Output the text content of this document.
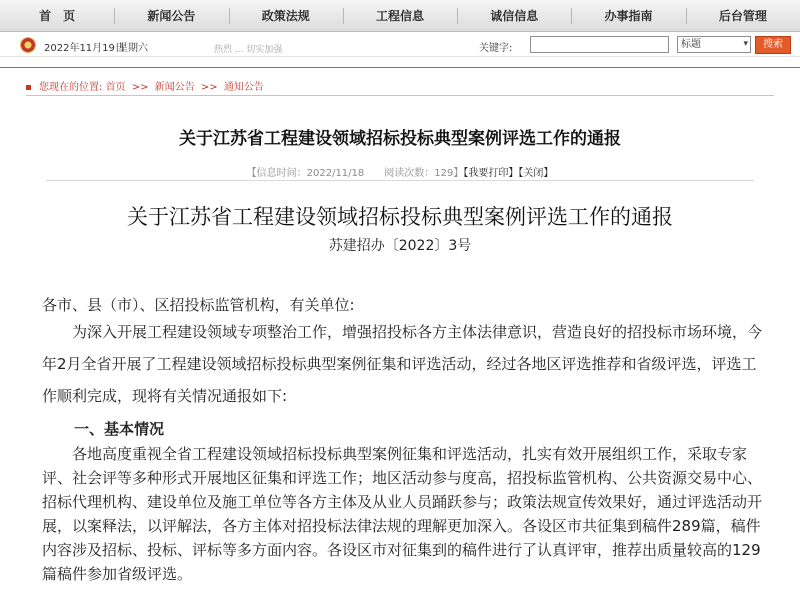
首　页	新闻公告	政策法规	工程信息	诚信信息	办事指南	后台管理
2022年11月19日
星期六	热烈 ... 切实加强	关键字:	标题	▾	搜索
您现在的位置: 首页 >> 新闻公告 >> 通知公告
关于江苏省工程建设领域招标投标典型案例评选工作的通报
【信息时间：2022/11/18　　阅读次数：129】【我要打印】【关闭】
关于江苏省工程建设领域招标投标典型案例评选工作的通报
苏建招办〔2022〕3号
各市、县（市）、区招投标监管机构，有关单位:
为深入开展工程建设领域专项整治工作，增强招投标各方主体法律意识，营造良好的招投标市场环境，今年2月全省开展了工程建设领域招标投标典型案例征集和评选活动，经过各地区评选推荐和省级评选，评选工作顺利完成，现将有关情况通报如下:
一、基本情况
各地高度重视全省工程建设领域招标投标典型案例征集和评选活动，扎实有效开展组织工作，采取专家评、社会评等多种形式开展地区征集和评选工作；地区活动参与度高，招投标监管机构、公共资源交易中心、招标代理机构、建设单位及施工单位等各方主体及从业人员踊跃参与；政策法规宣传效果好，通过评选活动开展，以案释法，以评解法，各方主体对招投标法律法规的理解更加深入。各设区市共征集到稿件289篇，稿件内容涉及招标、投标、评标等多方面内容。各设区市对征集到的稿件进行了认真评审，推荐出质量较高的129篇稿件参加省级评选。
